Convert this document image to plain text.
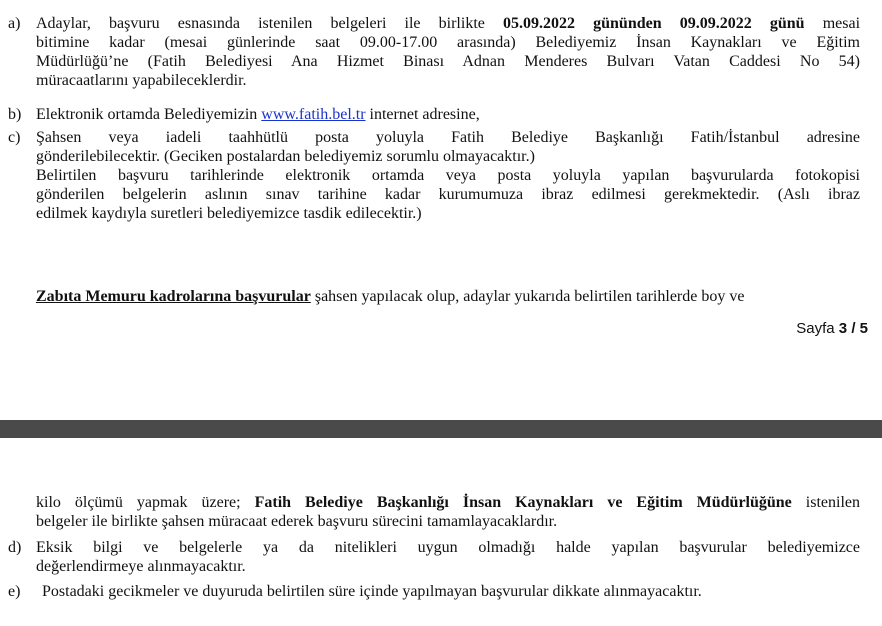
a) Adaylar, başvuru esnasında istenilen belgeleri ile birlikte 05.09.2022 gününden 09.09.2022 günü mesai
bitimine kadar (mesai günlerinde saat 09.00-17.00 arasında) Belediyemiz İnsan Kaynakları ve Eğitim
Müdürlüğü’ne (Fatih Belediyesi Ana Hizmet Binası Adnan Menderes Bulvarı Vatan Caddesi No 54)
müracaatlarını yapabileceklerdir.
b) Elektronik ortamda Belediyemizin www.fatih.bel.tr internet adresine,
c) Şahsen veya iadeli taahhütlü posta yoluyla Fatih Belediye Başkanlığı Fatih/İstanbul adresine
gönderilebilecektir. (Geciken postalardan belediyemiz sorumlu olmayacaktır.)
Belirtilen başvuru tarihlerinde elektronik ortamda veya posta yoluyla yapılan başvurularda fotokopisi
gönderilen belgelerin aslının sınav tarihine kadar kurumumuza ibraz edilmesi gerekmektedir. (Aslı ibraz
edilmek kaydıyla suretleri belediyemizce tasdik edilecektir.)
Zabıta Memuru kadrolarına başvurular şahsen yapılacak olup, adaylar yukarıda belirtilen tarihlerde boy ve
Sayfa 3 / 5
kilo ölçümü yapmak üzere; Fatih Belediye Başkanlığı İnsan Kaynakları ve Eğitim Müdürlüğüne istenilen
belgeler ile birlikte şahsen müracaat ederek başvuru sürecini tamamlayacaklardır.
d) Eksik bilgi ve belgelerle ya da nitelikleri uygun olmadığı halde yapılan başvurular belediyemizce
değerlendirmeye alınmayacaktır.
e)	Postadaki gecikmeler ve duyuruda belirtilen süre içinde yapılmayan başvurular dikkate alınmayacaktır.
